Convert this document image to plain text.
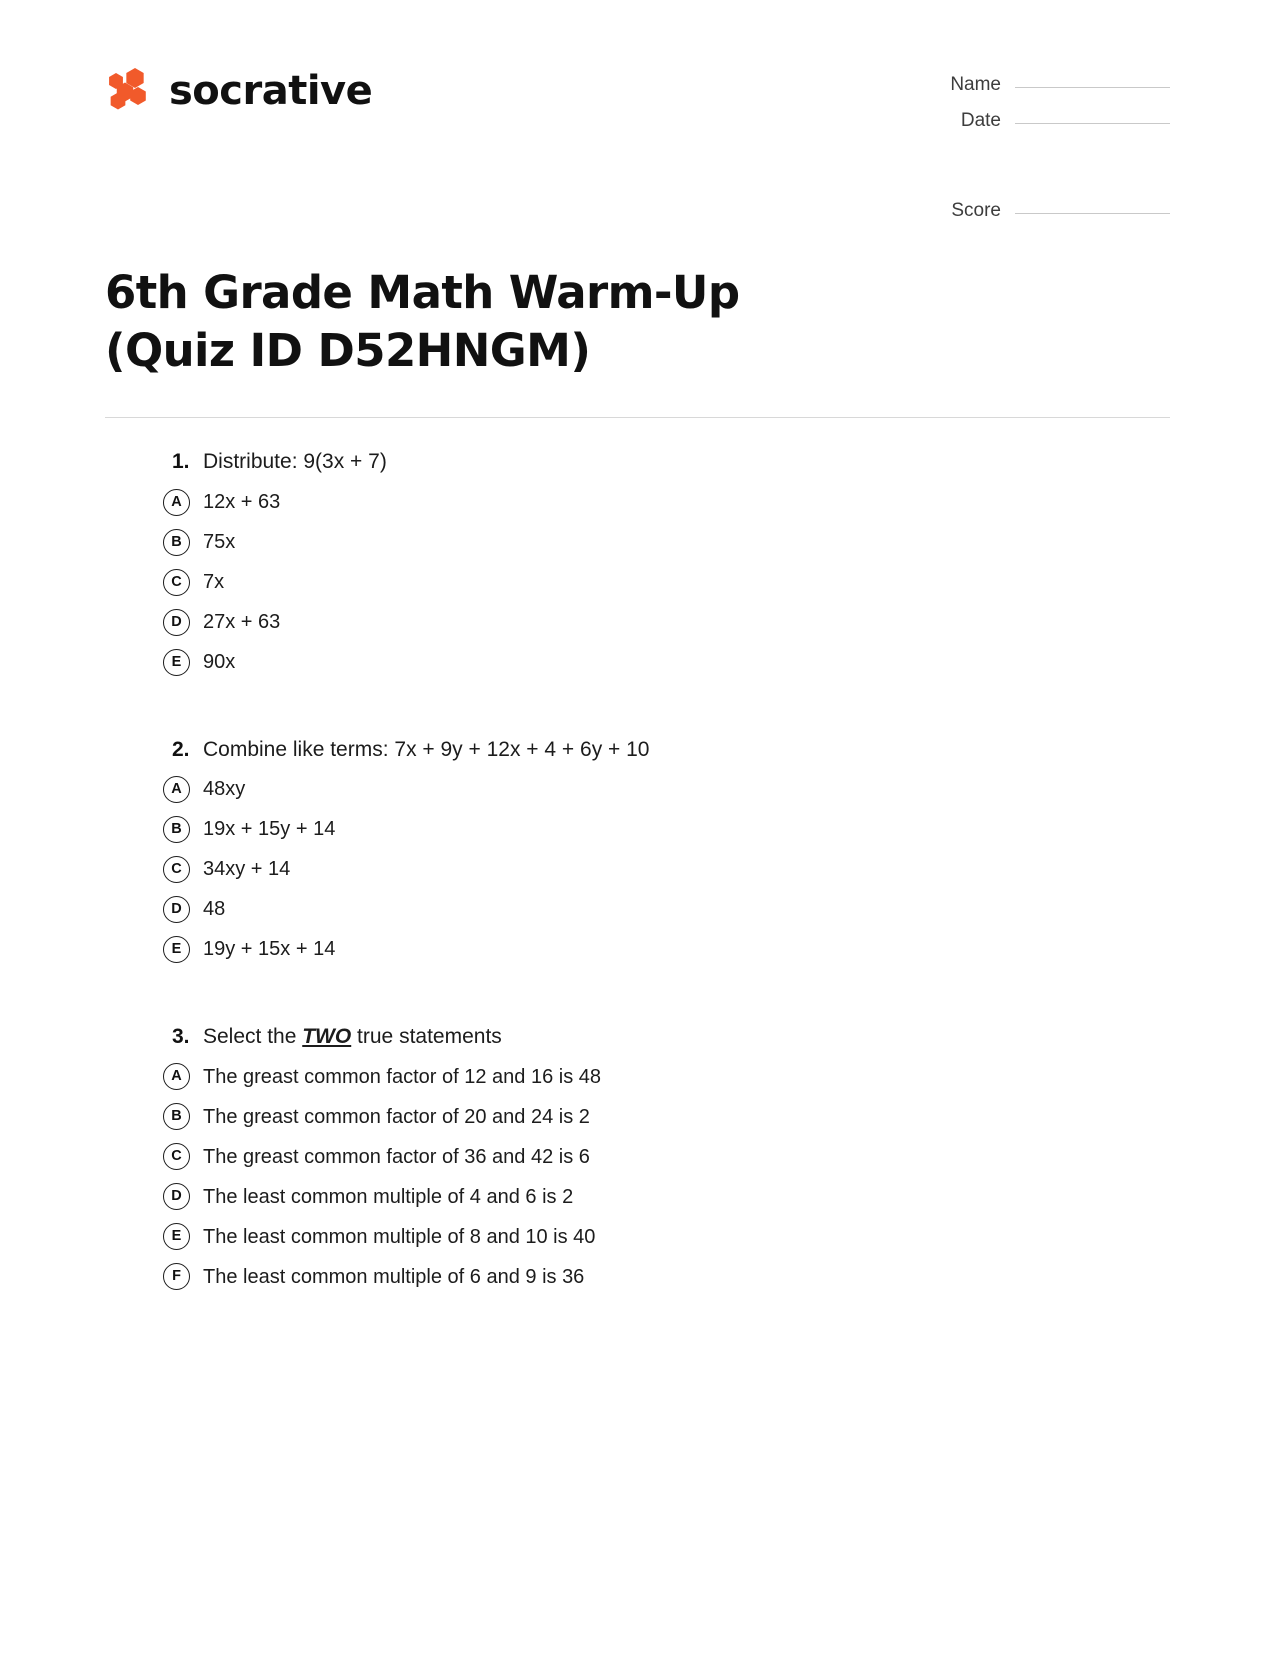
socrative	Name
Date
Score
6th Grade Math Warm-Up (Quiz ID D52HNGM)
1. Distribute: 9(3x + 7)
A	12x + 63
B	75x
C	7x
D	27x + 63
E	90x
2. Combine like terms: 7x + 9y + 12x + 4 + 6y + 10
A	48xy
B	19x + 15y + 14
C	34xy + 14
D	48
E	19y + 15x + 14
3. Select the TWO true statements
A	The greast common factor of 12 and 16 is 48
B	The greast common factor of 20 and 24 is 2
C	The greast common factor of 36 and 42 is 6
D	The least common multiple of 4 and 6 is 2
E	The least common multiple of 8 and 10 is 40
F	The least common multiple of 6 and 9 is 36
